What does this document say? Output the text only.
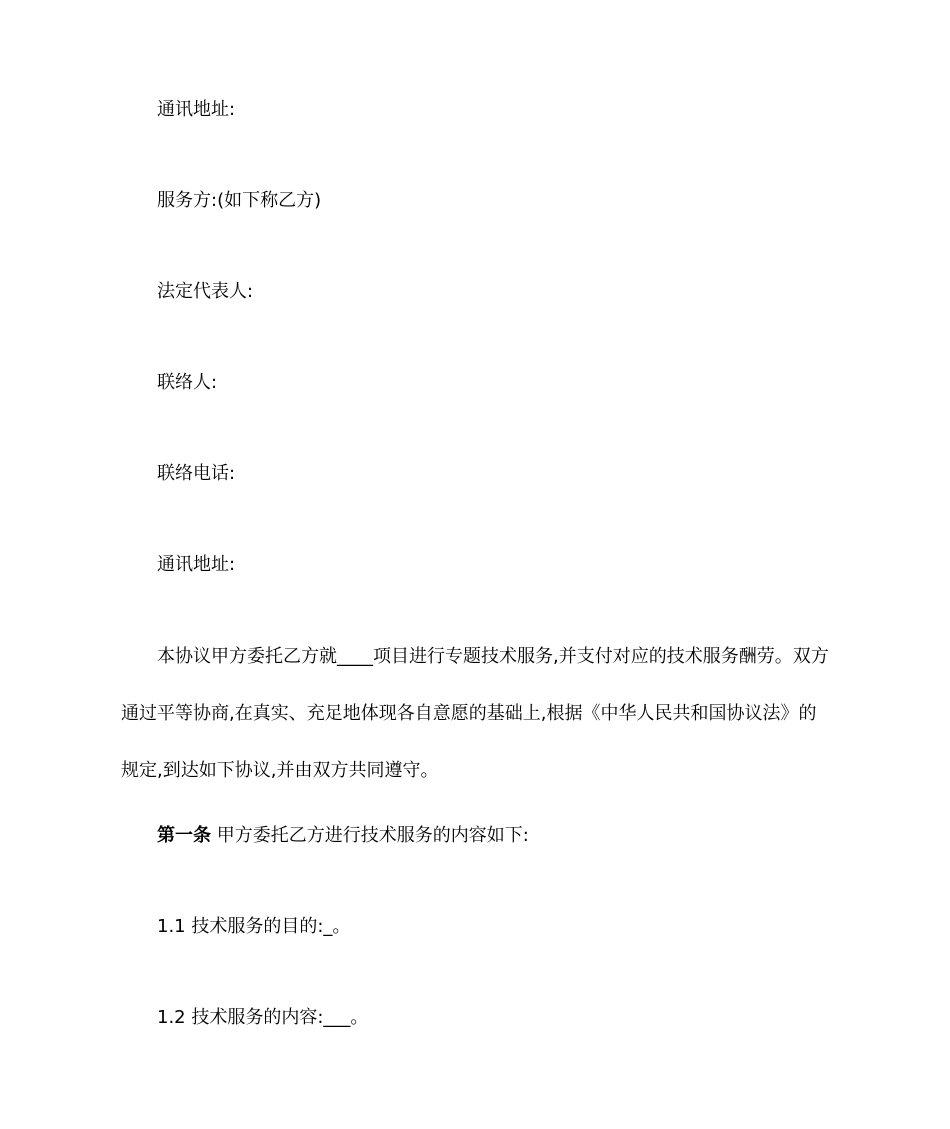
通讯地址:
服务方:(如下称乙方)
法定代表人:
联络人:
联络电话:
通讯地址:
本协议甲方委托乙方就____项目进行专题技术服务,并支付对应的技术服务酬劳。双方
通过平等协商,在真实、充足地体现各自意愿的基础上,根据《中华人民共和国协议法》的
规定,到达如下协议,并由双方共同遵守。
第一条 甲方委托乙方进行技术服务的内容如下:
1.1 技术服务的目的:_。
1.2 技术服务的内容:___。
